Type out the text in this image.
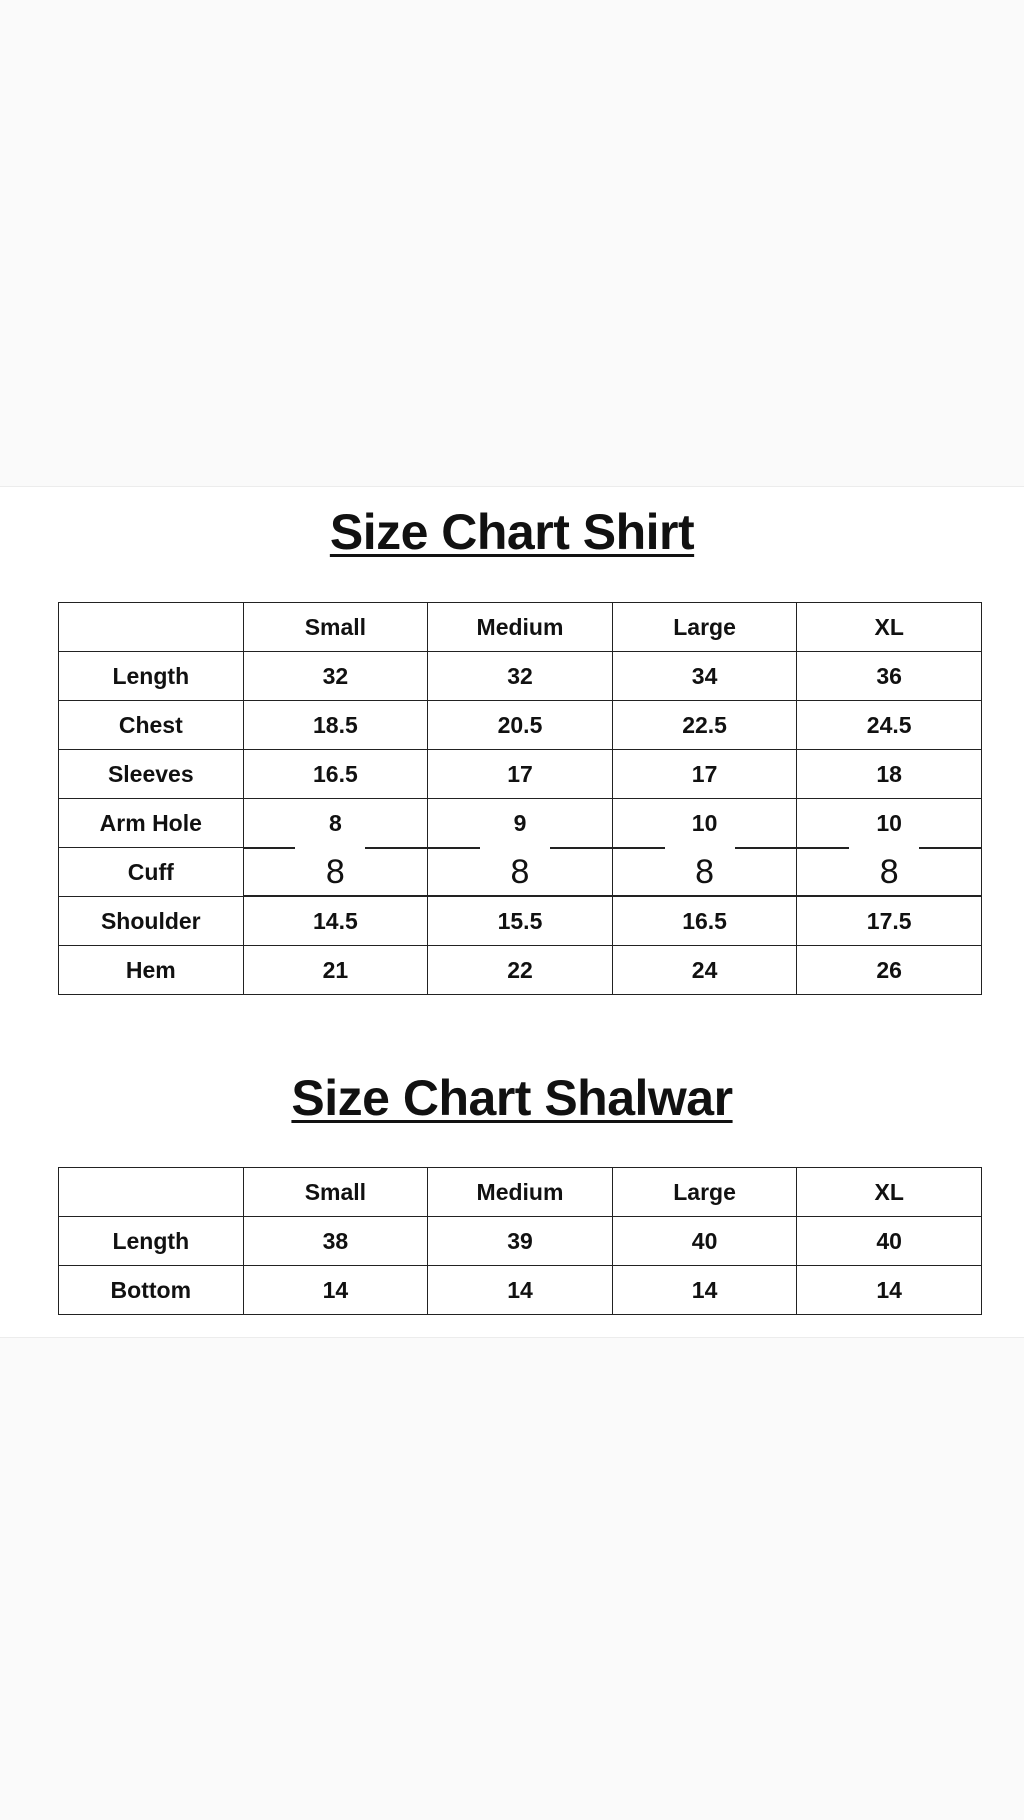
Size Chart Shirt
	Small	Medium	Large	XL
Length	32	32	34	36
Chest	18.5	20.5	22.5	24.5
Sleeves	16.5	17	17	18
Arm Hole	8	9	10	10
Cuff	8	8	8	8

Shoulder	14.5	15.5	16.5	17.5
Hem	21	22	24	26
Size Chart Shalwar
	Small	Medium	Large	XL
Length	38	39	40	40
Bottom	14	14	14	14
